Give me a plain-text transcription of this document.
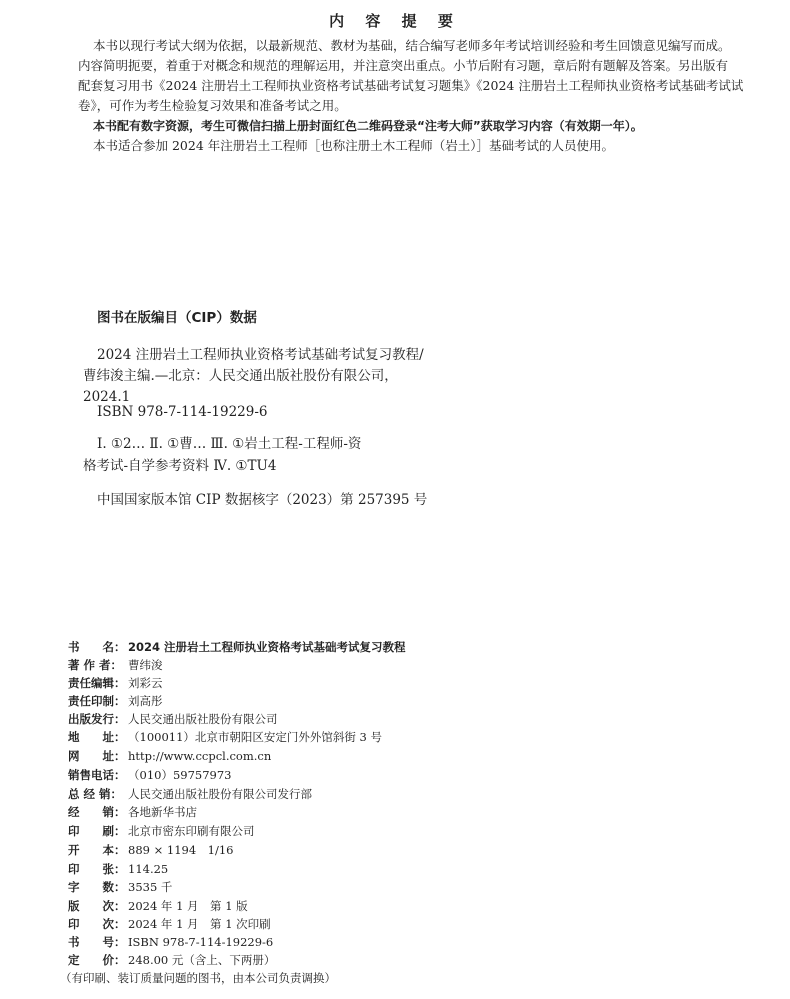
内 容 提 要
本书以现行考试大纲为依据，以最新规范、教材为基础，结合编写老师多年考试培训经验和考生回馈意见编写而成。
内容简明扼要，着重于对概念和规范的理解运用，并注意突出重点。小节后附有习题，章后附有题解及答案。另出版有
配套复习用书《2024 注册岩土工程师执业资格考试基础考试复习题集》《2024 注册岩土工程师执业资格考试基础考试试
卷》，可作为考生检验复习效果和准备考试之用。
本书配有数字资源，考生可微信扫描上册封面红色二维码登录“注考大师”获取学习内容（有效期一年）。
本书适合参加 2024 年注册岩土工程师［也称注册土木工程师（岩土）］基础考试的人员使用。
图书在版编目（CIP）数据
2024 注册岩土工程师执业资格考试基础考试复习教程/
曹纬浚主编.—北京：人民交通出版社股份有限公司，
2024.1
ISBN 978-7-114-19229-6
Ⅰ. ①2… Ⅱ. ①曹… Ⅲ. ①岩土工程-工程师-资
格考试-自学参考资料 Ⅳ. ①TU4
中国国家版本馆 CIP 数据核字（2023）第 257395 号
书　　名： 2024 注册岩土工程师执业资格考试基础考试复习教程
著 作 者： 曹纬浚
责任编辑： 刘彩云
责任印制： 刘高彤
出版发行： 人民交通出版社股份有限公司
地　　址： （100011）北京市朝阳区安定门外外馆斜街 3 号
网　　址： http://www.ccpcl.com.cn
销售电话： （010）59757973
总 经 销： 人民交通出版社股份有限公司发行部
经　　销： 各地新华书店
印　　刷： 北京市密东印刷有限公司
开　　本： 889 × 1194　1/16
印　　张： 114.25
字　　数： 3535 千
版　　次： 2024 年 1 月　第 1 版
印　　次： 2024 年 1 月　第 1 次印刷
书　　号： ISBN 978-7-114-19229-6
定　　价： 248.00 元（含上、下两册）
（有印刷、装订质量问题的图书，由本公司负责调换）
